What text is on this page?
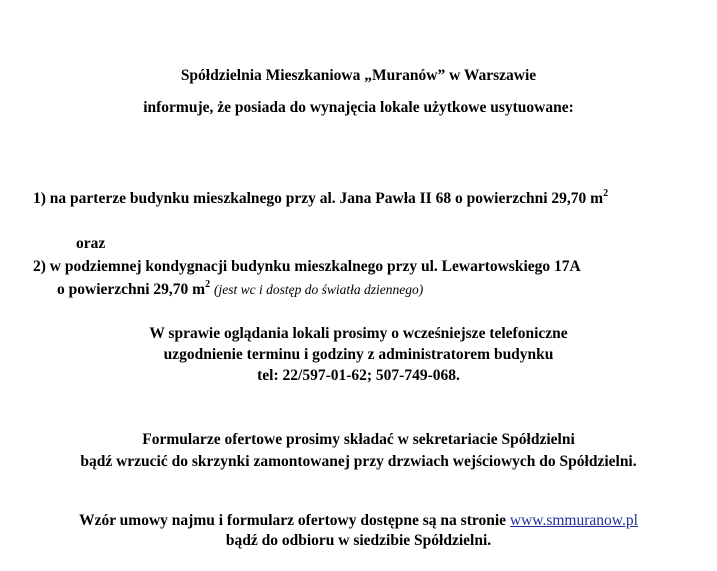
Spółdzielnia Mieszkaniowa „Muranów” w Warszawie
informuje, że posiada do wynajęcia lokale użytkowe usytuowane:
1) na parterze budynku mieszkalnego przy al. Jana Pawła II 68 o powierzchni 29,70 $m^2$
oraz
2) w podziemnej kondygnacji budynku mieszkalnego przy ul. Lewartowskiego 17A
o powierzchni 29,70 $m^2$ (jest wc i dostęp do światła dziennego)
W sprawie oglądania lokali prosimy o wcześniejsze telefoniczne
uzgodnienie terminu i godziny z administratorem budynku
tel: 22/597-01-62; 507-749-068.
Formularze ofertowe prosimy składać w sekretariacie Spółdzielni
bądź wrzucić do skrzynki zamontowanej przy drzwiach wejściowych do Spółdzielni.
Wzór umowy najmu i formularz ofertowy dostępne są na stronie www.smmuranow.pl
bądź do odbioru w siedzibie Spółdzielni.
